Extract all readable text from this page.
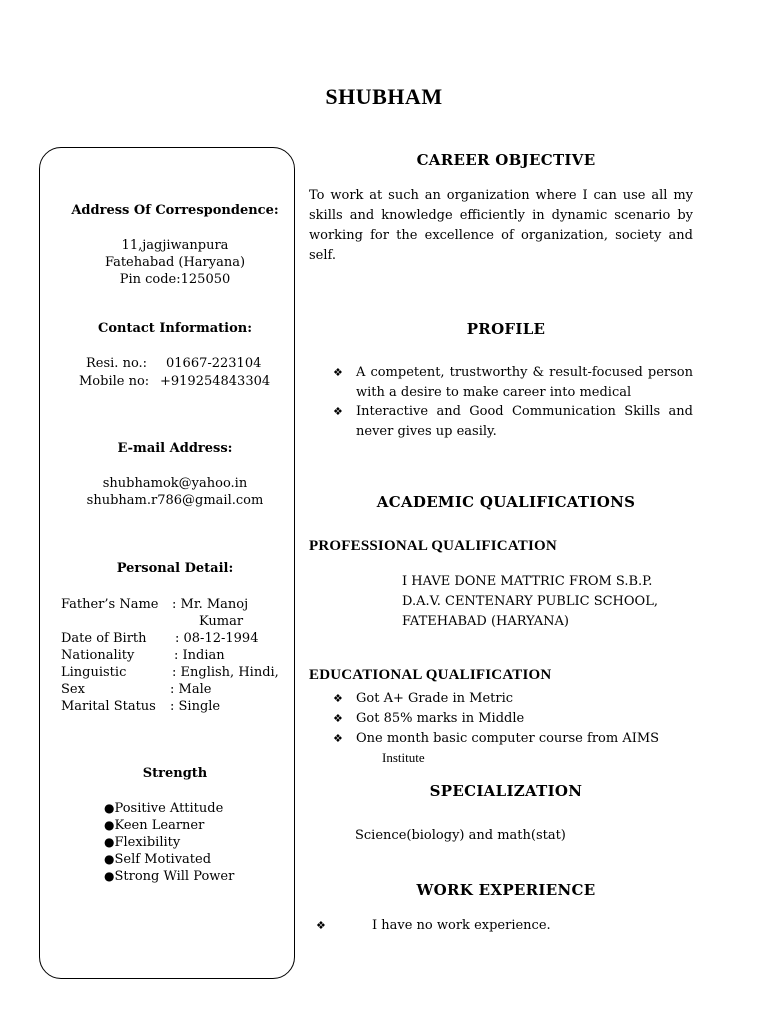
SHUBHAM
Address Of Correspondence:
11,jagjiwanpura
Fatehabad (Haryana)
Pin code:125050
Contact Information:
Resi. no.: 01667-223104
Mobile no: +919254843304
E-mail Address:
shubhamok@yahoo.in
shubham.r786@gmail.com
Personal Detail:
Father’s Name : Mr. Manoj
Kumar
Date of Birth : 08-12-1994
Nationality	: Indian
Linguistic	: English, Hindi,
Sex	: Male
Marital Status : Single
Strength
●Positive Attitude
●Keen Learner
●Flexibility
●Self Motivated
●Strong Will Power
CAREER OBJECTIVE
To work at such an organization where I can use all my skills and knowledge efficiently in dynamic scenario by working for the excellence of organization, society and self.
PROFILE
❖ A competent, trustworthy & result-focused person with a desire to make career into medical
❖ Interactive and Good Communication Skills and never gives up easily.
ACADEMIC QUALIFICATIONS
PROFESSIONAL QUALIFICATION
I HAVE DONE MATTRIC FROM S.B.P. D.A.V. CENTENARY PUBLIC SCHOOL, FATEHABAD (HARYANA)
EDUCATIONAL QUALIFICATION
❖ Got A+ Grade in Metric
❖ Got 85% marks in Middle
❖ One month basic computer course from AIMS
Institute
SPECIALIZATION
Science(biology) and math(stat)
WORK EXPERIENCE
❖	I have no work experience.
